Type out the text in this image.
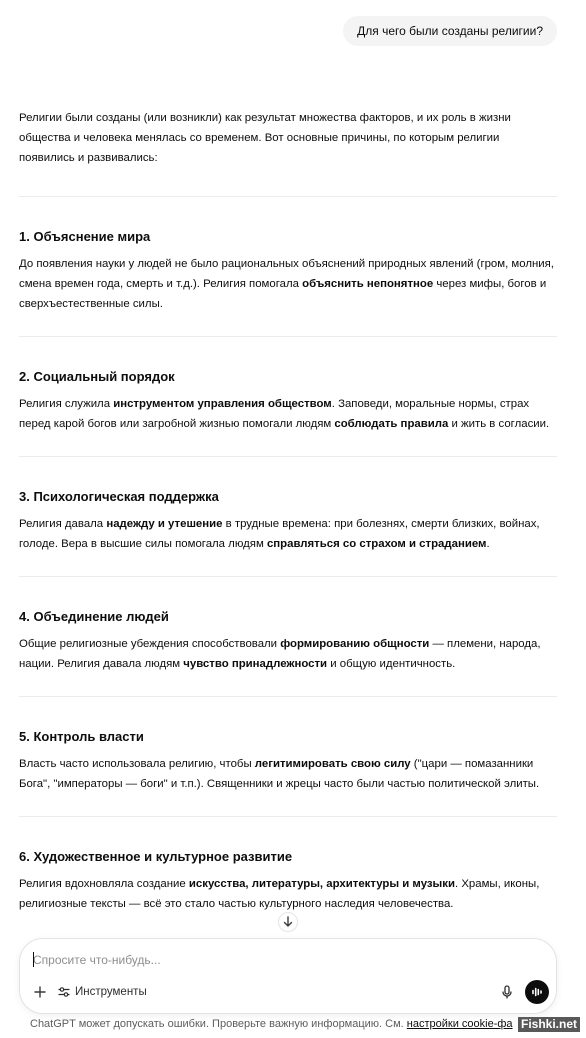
Для чего были созданы религии?

Религии были созданы (или возникли) как результат множества факторов, и их роль в жизни общества и человека менялась со временем. Вот основные причины, по которым религии появились и развивались:

1. Объяснение мира

До появления науки у людей не было рациональных объяснений природных явлений (гром, молния, смена времен года, смерть и т.д.). Религия помогала объяснить непонятное через мифы, богов и сверхъестественные силы.

2. Социальный порядок

Религия служила инструментом управления обществом. Заповеди, моральные нормы, страх перед карой богов или загробной жизнью помогали людям соблюдать правила и жить в согласии.

3. Психологическая поддержка

Религия давала надежду и утешение в трудные времена: при болезнях, смерти близких, войнах, голоде. Вера в высшие силы помогала людям справляться со страхом и страданием.

4. Объединение людей

Общие религиозные убеждения способствовали формированию общности — племени, народа, нации. Религия давала людям чувство принадлежности и общую идентичность.

5. Контроль власти

Власть часто использовала религию, чтобы легитимировать свою силу ("цари — помазанники Бога", "императоры — боги" и т.п.). Священники и жрецы часто были частью политической элиты.

6. Художественное и культурное развитие

Религия вдохновляла создание искусства, литературы, архитектуры и музыки. Храмы, иконы, религиозные тексты — всё это стало частью культурного наследия человечества.

Спросите что-нибудь...
Инструменты
ChatGPT может допускать ошибки. Проверьте важную информацию. См. настройки cookie-фа Fishki.net
